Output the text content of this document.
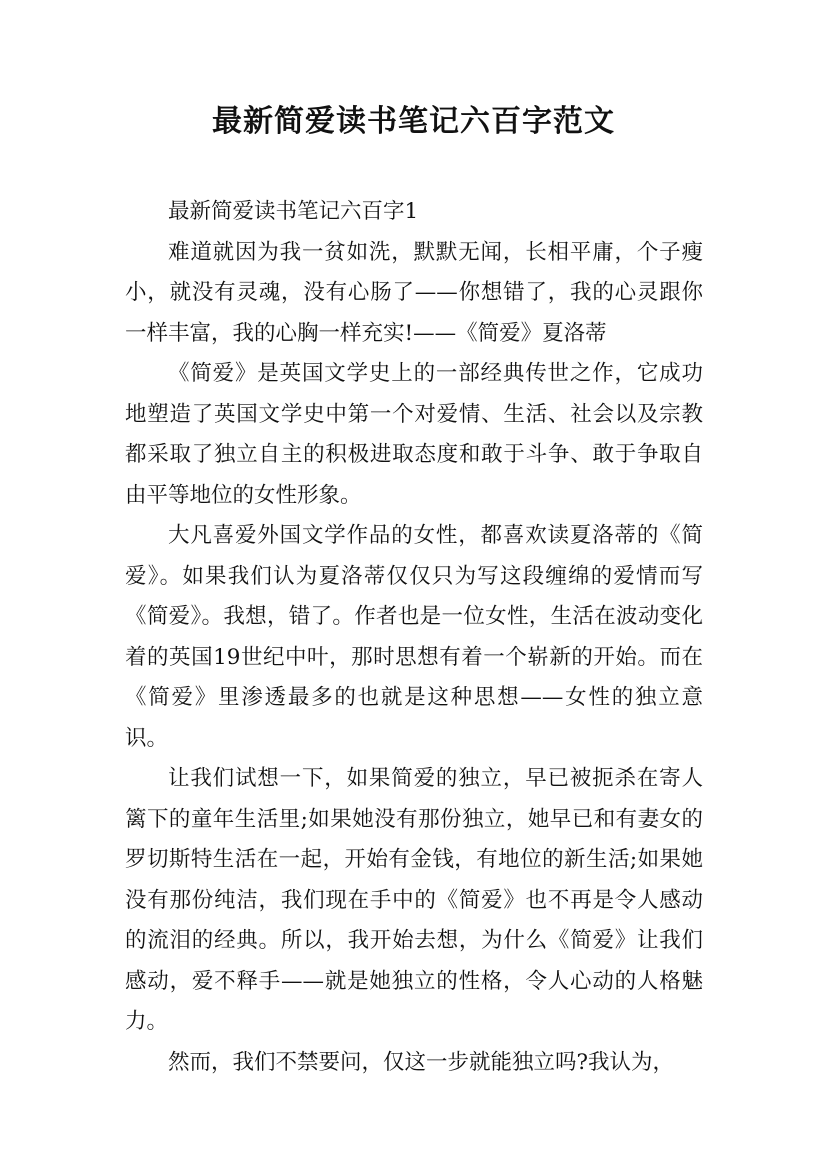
最新简爱读书笔记六百字范文

最新简爱读书笔记六百字1

难道就因为我一贫如洗，默默无闻，长相平庸，个子瘦小，就没有灵魂，没有心肠了——你想错了，我的心灵跟你一样丰富，我的心胸一样充实!——《简爱》夏洛蒂

《简爱》是英国文学史上的一部经典传世之作，它成功地塑造了英国文学史中第一个对爱情、生活、社会以及宗教都采取了独立自主的积极进取态度和敢于斗争、敢于争取自由平等地位的女性形象。

大凡喜爱外国文学作品的女性，都喜欢读夏洛蒂的《简爱》。如果我们认为夏洛蒂仅仅只为写这段缠绵的爱情而写《简爱》。我想，错了。作者也是一位女性，生活在波动变化着的英国19世纪中叶，那时思想有着一个崭新的开始。而在《简爱》里渗透最多的也就是这种思想——女性的独立意识。

让我们试想一下，如果简爱的独立，早已被扼杀在寄人篱下的童年生活里;如果她没有那份独立，她早已和有妻女的罗切斯特生活在一起，开始有金钱，有地位的新生活;如果她没有那份纯洁，我们现在手中的《简爱》也不再是令人感动的流泪的经典。所以，我开始去想，为什么《简爱》让我们感动，爱不释手——就是她独立的性格，令人心动的人格魅力。

然而，我们不禁要问，仅这一步就能独立吗?我认为，
